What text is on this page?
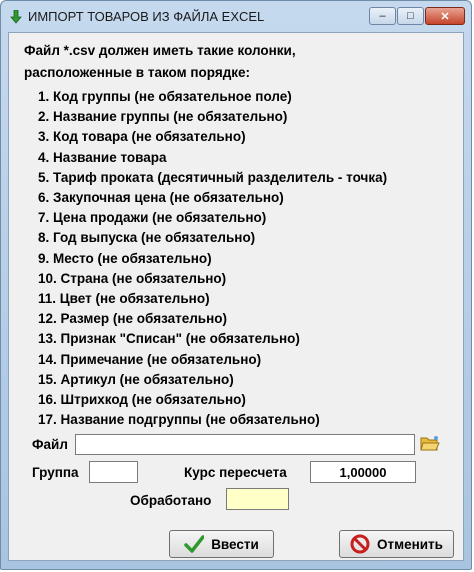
ИМПОРТ ТОВАРОВ ИЗ ФАЙЛА EXCEL	– □ ✕
Файл *.csv должен иметь такие колонки,
расположенные в таком порядке:
1. Код группы (не обязательное поле)
2. Название группы (не обязательно)
3. Код товара (не обязательно)
4. Название товара
5. Тариф проката (десятичный разделитель - точка)
6. Закупочная цена (не обязательно)
7. Цена продажи (не обязательно)
8. Год выпуска (не обязательно)
9. Место (не обязательно)
10. Страна (не обязательно)
11. Цвет (не обязательно)
12. Размер (не обязательно)
13. Признак "Списан" (не обязательно)
14. Примечание (не обязательно)
15. Артикул (не обязательно)
16. Штрихкод (не обязательно)
17. Название подгруппы (не обязательно)
Файл
Группа	Курс пересчета	1,00000
Обработано
Ввести	Отменить
